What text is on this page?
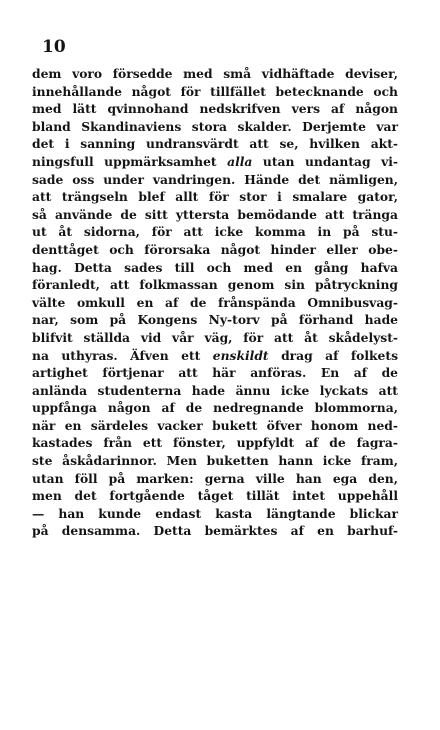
10
dem voro försedde med små vidhäftade deviser,
innehållande något för tillfället betecknande och
med lätt qvinnohand nedskrifven vers af någon
bland Skandinaviens stora skalder. Derjemte var
det i sanning undransvärdt att se, hvilken akt-
ningsfull uppmärksamhet alla utan undantag vi-
sade oss under vandringen. Hände det nämligen,
att trängseln blef allt för stor i smalare gator,
så använde de sitt yttersta bemödande att tränga
ut åt sidorna, för att icke komma in på stu-
denttåget och förorsaka något hinder eller obe-
hag. Detta sades till och med en gång hafva
föranledt, att folkmassan genom sin påtryckning
välte omkull en af de frånspända Omnibusvag-
nar, som på Kongens Ny-torv på förhand hade
blifvit ställda vid vår väg, för att åt skådelyst-
na uthyras. Äfven ett enskildt drag af folkets
artighet förtjenar att här anföras. En af de
anlända studenterna hade ännu icke lyckats att
uppfånga någon af de nedregnande blommorna,
när en särdeles vacker bukett öfver honom ned-
kastades från ett fönster, uppfyldt af de fagra-
ste åskådarinnor. Men buketten hann icke fram,
utan föll på marken: gerna ville han ega den,
men det fortgående tåget tillät intet uppehåll
— han kunde endast kasta längtande blickar
på densamma. Detta bemärktes af en barhuf-
